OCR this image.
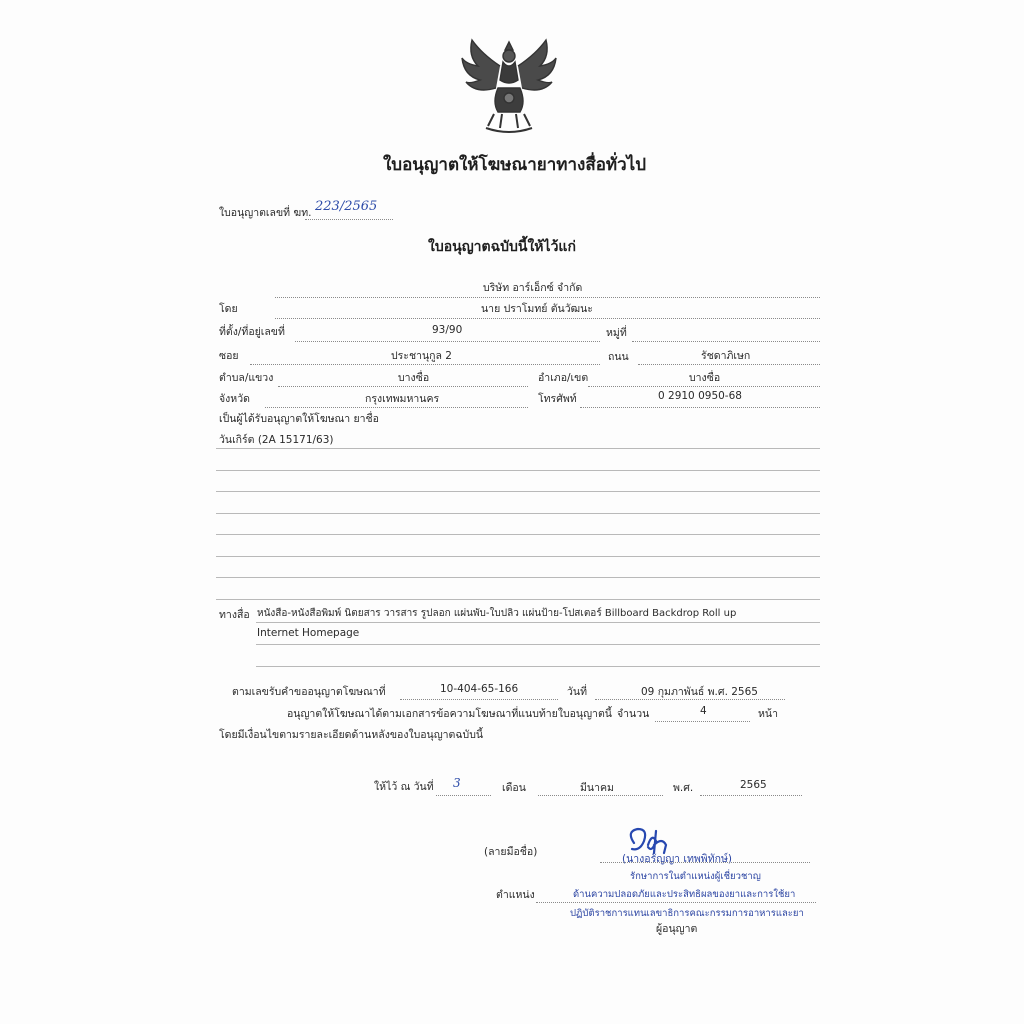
ใบอนุญาตให้โฆษณายาทางสื่อทั่วไป
ใบอนุญาตเลขที่ ฆท. 223/2565
ใบอนุญาตฉบับนี้ให้ไว้แก่
บริษัท อาร์เอ็กซ์ จำกัด
โดย	นาย ปราโมทย์ ตันวัฒนะ
ที่ตั้ง/ที่อยู่เลขที่	93/90	หมู่ที่
ซอย	ประชานุกูล 2	ถนน	รัชดาภิเษก
ตำบล/แขวง	บางซื่อ	อำเภอ/เขต	บางซื่อ
จังหวัด	กรุงเทพมหานคร	โทรศัพท์	0 2910 0950-68
เป็นผู้ได้รับอนุญาตให้โฆษณา ยาชื่อ
วันเกิร์ต (2A 15171/63)
ทางสื่อ หนังสือ-หนังสือพิมพ์ นิตยสาร วารสาร รูปลอก แผ่นพับ-ใบปลิว แผ่นป้าย-โปสเตอร์ Billboard Backdrop Roll up
Internet Homepage
ตามเลขรับคำขออนุญาตโฆษณาที่	10-404-65-166	วันที่	09 กุมภาพันธ์ พ.ศ. 2565
อนุญาตให้โฆษณาได้ตามเอกสารข้อความโฆษณาที่แนบท้ายใบอนุญาตนี้ จำนวน	4	หน้า
โดยมีเงื่อนไขตามรายละเอียดด้านหลังของใบอนุญาตฉบับนี้
ให้ไว้ ณ วันที่ 3	เดือน	มีนาคม	พ.ศ.	2565
(ลายมือชื่อ)
(นางอรัญญา เทพพิทักษ์)
รักษาการในตำแหน่งผู้เชี่ยวชาญ
ตำแหน่ง	ด้านความปลอดภัยและประสิทธิผลของยาและการใช้ยา
ปฏิบัติราชการแทนเลขาธิการคณะกรรมการอาหารและยา
ผู้อนุญาต
